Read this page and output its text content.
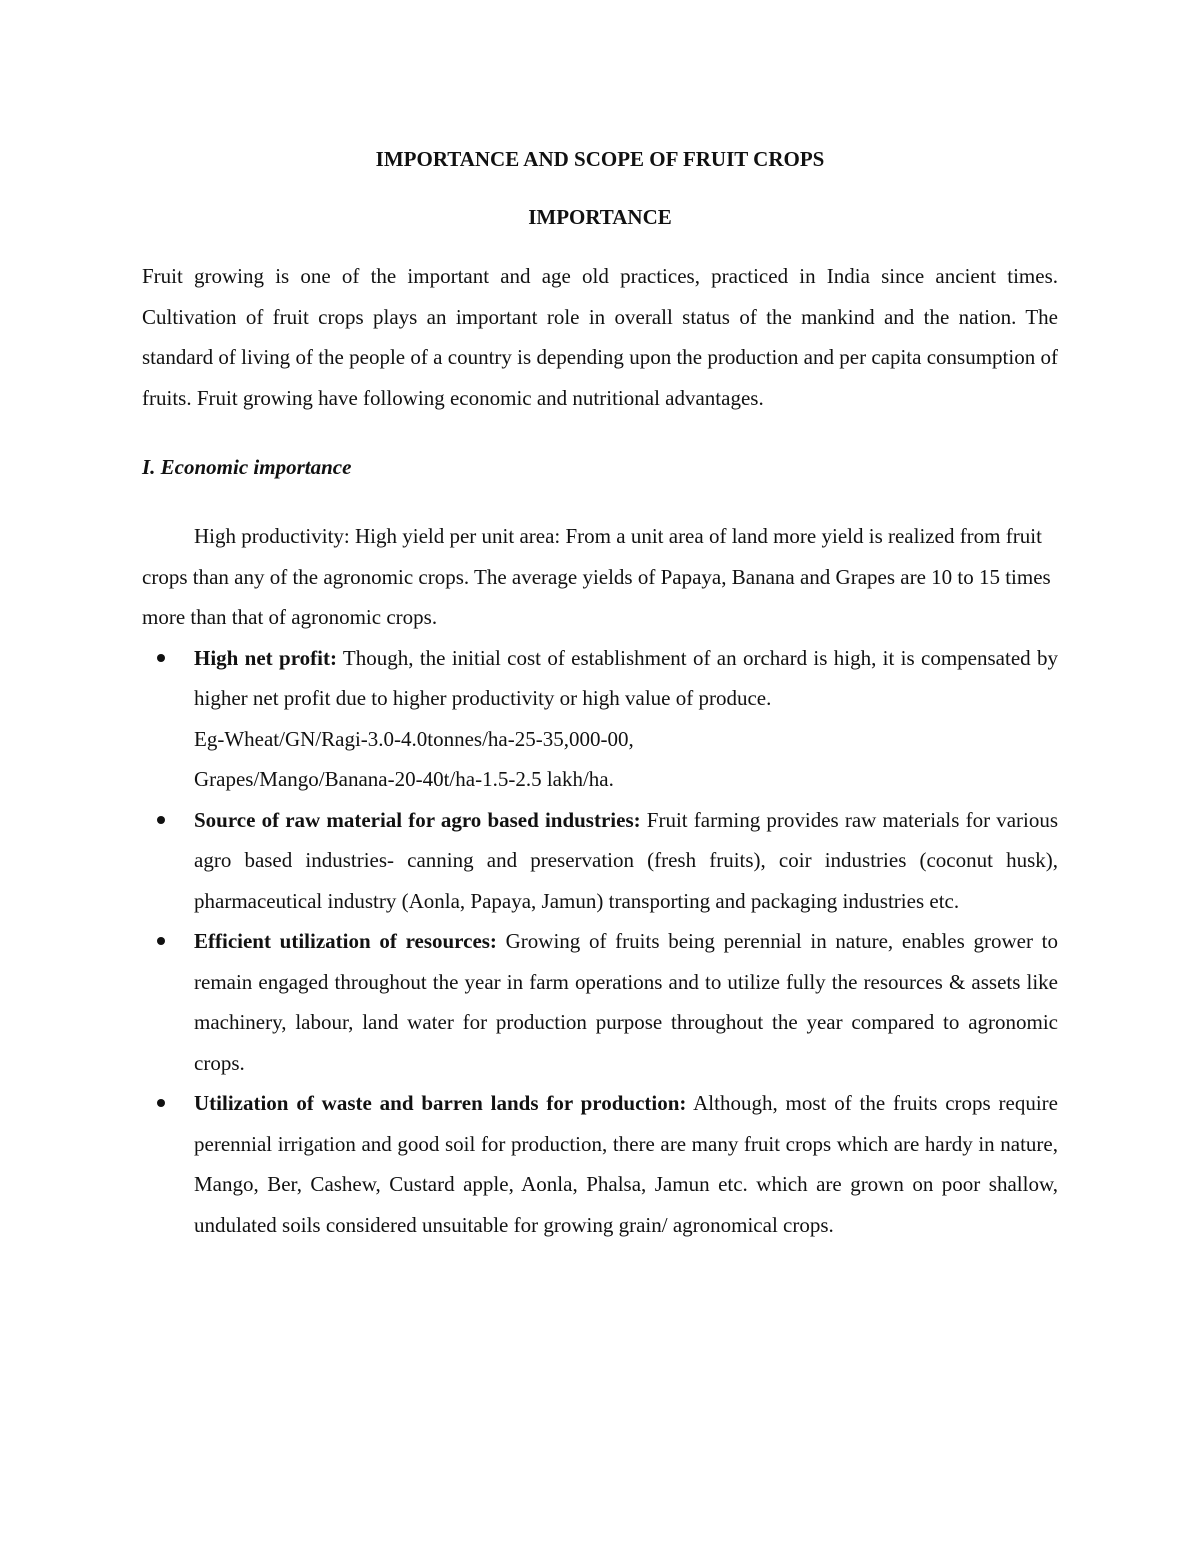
IMPORTANCE AND SCOPE OF FRUIT CROPS
IMPORTANCE

Fruit growing is one of the important and age old practices, practiced in India since ancient times. Cultivation of fruit crops plays an important role in overall status of the mankind and the nation. The standard of living of the people of a country is depending upon the production and per capita consumption of fruits. Fruit growing have following economic and nutritional advantages.

I. Economic importance

High productivity: High yield per unit area: From a unit area of land more yield is realized from fruit crops than any of the agronomic crops. The average yields of Papaya, Banana and Grapes are 10 to 15 times more than that of agronomic crops.

High net profit: Though, the initial cost of establishment of an orchard is high, it is compensated by higher net profit due to higher productivity or high value of produce.
Eg-Wheat/GN/Ragi-3.0-4.0tonnes/ha-25-35,000-00,
Grapes/Mango/Banana-20-40t/ha-1.5-2.5 lakh/ha.
Source of raw material for agro based industries: Fruit farming provides raw materials for various agro based industries- canning and preservation (fresh fruits), coir industries (coconut husk), pharmaceutical industry (Aonla, Papaya, Jamun) transporting and packaging industries etc.
Efficient utilization of resources: Growing of fruits being perennial in nature, enables grower to remain engaged throughout the year in farm operations and to utilize fully the resources & assets like machinery, labour, land water for production purpose throughout the year compared to agronomic crops.
Utilization of waste and barren lands for production: Although, most of the fruits crops require perennial irrigation and good soil for production, there are many fruit crops which are hardy in nature, Mango, Ber, Cashew, Custard apple, Aonla, Phalsa, Jamun etc. which are grown on poor shallow, undulated soils considered unsuitable for growing grain/ agronomical crops.
